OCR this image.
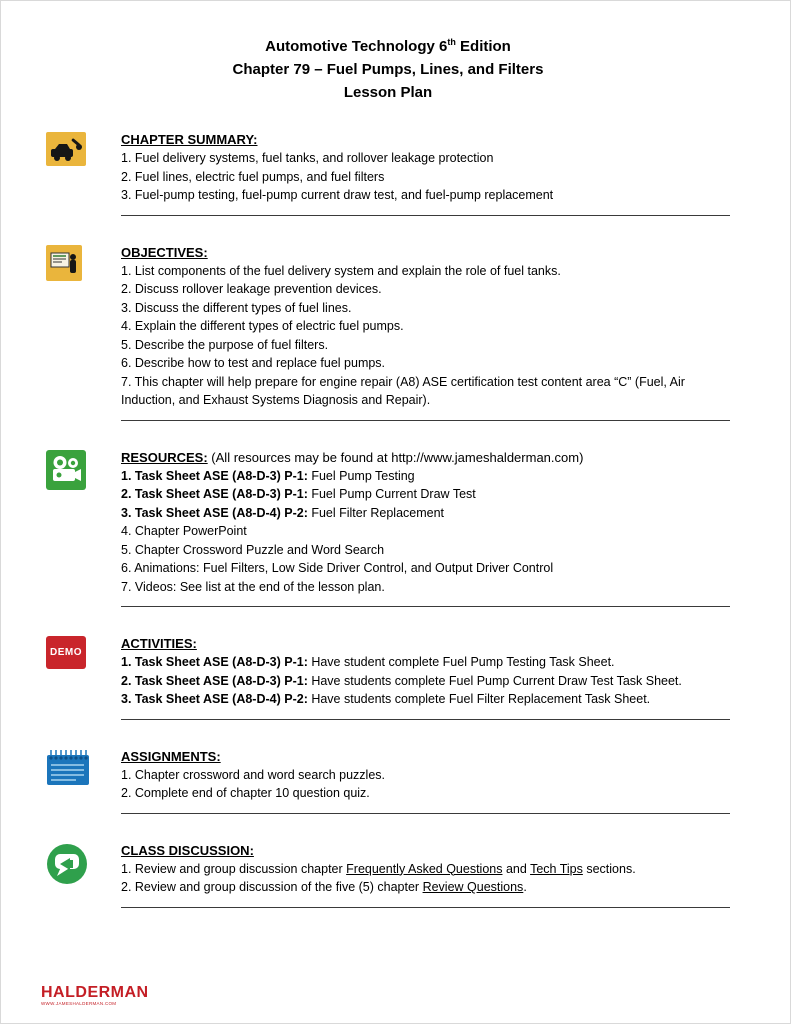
Automotive Technology 6th Edition
Chapter 79 – Fuel Pumps, Lines, and Filters
Lesson Plan
CHAPTER SUMMARY:

1. Fuel delivery systems, fuel tanks, and rollover leakage protection

2. Fuel lines, electric fuel pumps, and fuel filters

3. Fuel-pump testing, fuel-pump current draw test, and fuel-pump replacement

OBJECTIVES:

1. List components of the fuel delivery system and explain the role of fuel tanks.

2. Discuss rollover leakage prevention devices.

3. Discuss the different types of fuel lines.

4. Explain the different types of electric fuel pumps.

5. Describe the purpose of fuel filters.

6. Describe how to test and replace fuel pumps.

7. This chapter will help prepare for engine repair (A8) ASE certification test content area “C” (Fuel, Air Induction, and Exhaust Systems Diagnosis and Repair).

RESOURCES: (All resources may be found at http://www.jameshalderman.com)

1. Task Sheet ASE (A8-D-3) P-1: Fuel Pump Testing

2. Task Sheet ASE (A8-D-3) P-1: Fuel Pump Current Draw Test

3. Task Sheet ASE (A8-D-4) P-2: Fuel Filter Replacement

4. Chapter PowerPoint

5. Chapter Crossword Puzzle and Word Search

6. Animations: Fuel Filters, Low Side Driver Control, and Output Driver Control

7. Videos: See list at the end of the lesson plan.

DEMO
ACTIVITIES:

1. Task Sheet ASE (A8-D-3) P-1: Have student complete Fuel Pump Testing Task Sheet.

2. Task Sheet ASE (A8-D-3) P-1: Have students complete Fuel Pump Current Draw Test Task Sheet.

3. Task Sheet ASE (A8-D-4) P-2: Have students complete Fuel Filter Replacement Task Sheet.

ASSIGNMENTS:

1. Chapter crossword and word search puzzles.

2. Complete end of chapter 10 question quiz.

CLASS DISCUSSION:

1. Review and group discussion chapter Frequently Asked Questions and Tech Tips sections.

2. Review and group discussion of the five (5) chapter Review Questions.

HALDERMAN
WWW.JAMESHALDERMAN.COM
